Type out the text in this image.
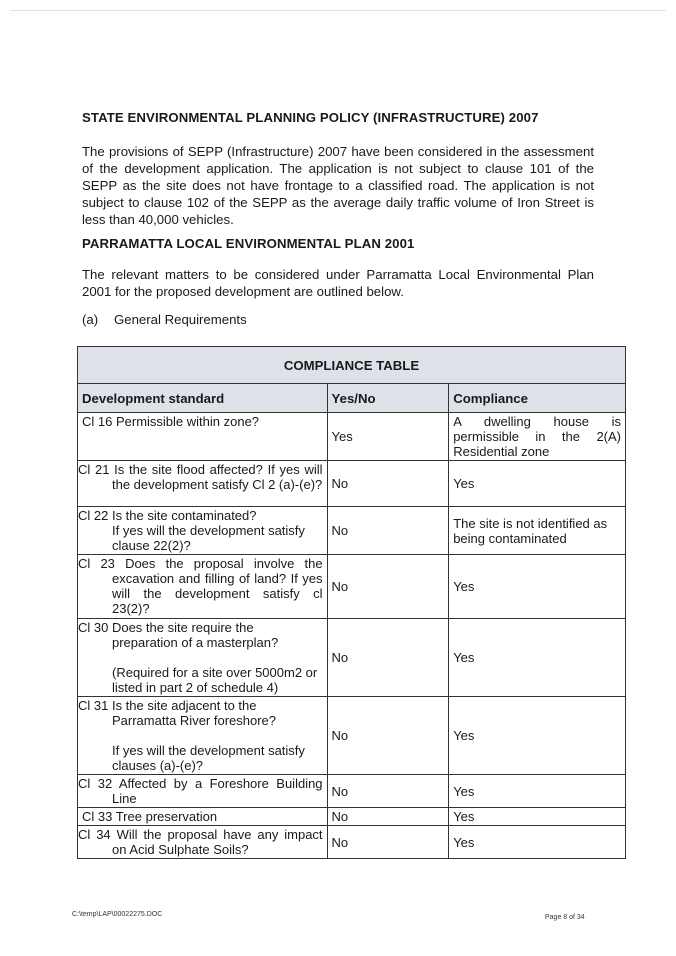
STATE ENVIRONMENTAL PLANNING POLICY (INFRASTRUCTURE) 2007

The provisions of SEPP (Infrastructure) 2007 have been considered in the assessment of the development application. The application is not subject to clause 101 of the SEPP as the site does not have frontage to a classified road. The application is not subject to clause 102 of the SEPP as the average daily traffic volume of Iron Street is less than 40,000 vehicles.

PARRAMATTA LOCAL ENVIRONMENTAL PLAN 2001

The relevant matters to be considered under Parramatta Local Environmental Plan 2001 for the proposed development are outlined below.

(a) General Requirements
COMPLIANCE TABLE		
Development standard	Yes/No	Compliance
Cl 16 Permissible within zone?	Yes	A dwelling house is permissible in the 2(A) Residential zone
Cl 21 Is the site flood affected? If yes will the development satisfy Cl 2 (a)-(e)?	No	Yes
Cl 22 Is the site contaminated?
If yes will the development satisfy clause 22(2)?	No	The site is not identified as being contaminated
Cl 23 Does the proposal involve the excavation and filling of land? If yes will the development satisfy cl 23(2)?	No	Yes
Cl 30 Does the site require the preparation of a masterplan?

(Required for a site over 5000m2 or listed in part 2 of schedule 4)	No	Yes
Cl 31 Is the site adjacent to the Parramatta River foreshore?

If yes will the development satisfy clauses (a)-(e)?	No	Yes
Cl 32 Affected by a Foreshore Building Line	No	Yes
Cl 33 Tree preservation	No	Yes
Cl 34 Will the proposal have any impact on Acid Sulphate Soils?	No	Yes
C:\temp\LAP\00022275.DOC	Page 8 of 34
